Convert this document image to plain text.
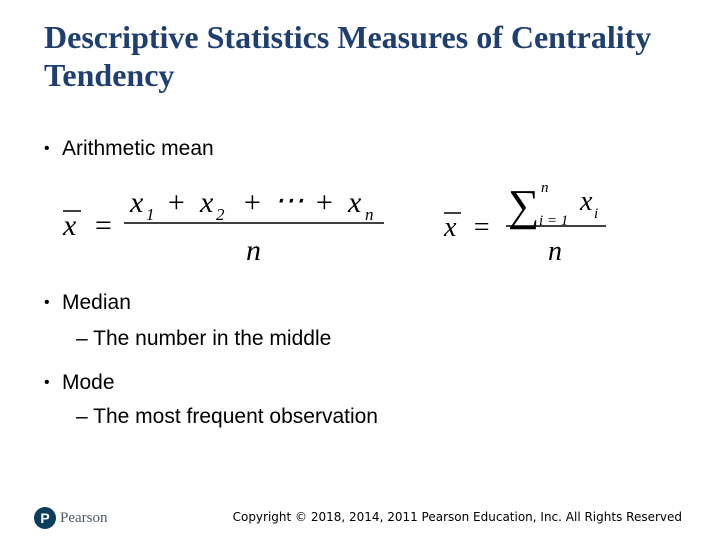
Descriptive Statistics Measures of Centrality Tendency
• Arithmetic mean
x =
x 1 + x 2 + ⋯ + x n
n
x = ∑ n
i = 1
x i
n
• Median
– The number in the middle
• Mode
– The most frequent observation
P Pearson	Copyright © 2018, 2014, 2011 Pearson Education, Inc. All Rights Reserved
